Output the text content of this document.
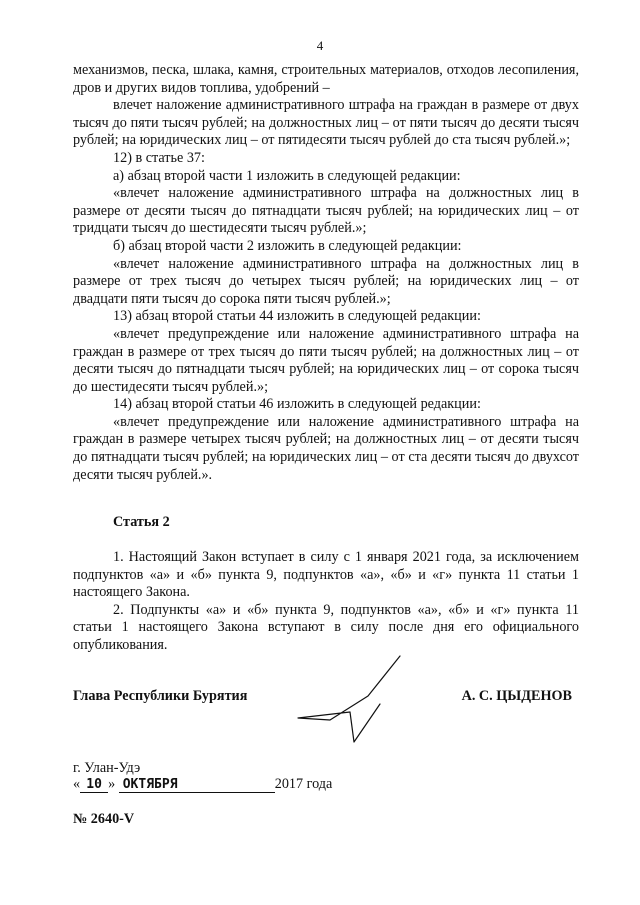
4

механизмов, песка, шлака, камня, строительных материалов, отходов лесопиления, дров и других видов топлива, удобрений –

влечет наложение административного штрафа на граждан в размере от двух тысяч до пяти тысяч рублей; на должностных лиц – от пяти тысяч до десяти тысяч рублей; на юридических лиц – от пятидесяти тысяч рублей до ста тысяч рублей.»;

12) в статье 37:

а) абзац второй части 1 изложить в следующей редакции:

«влечет наложение административного штрафа на должностных лиц в размере от десяти тысяч до пятнадцати тысяч рублей; на юридических лиц – от тридцати тысяч до шестидесяти тысяч рублей.»;

б) абзац второй части 2 изложить в следующей редакции:

«влечет наложение административного штрафа на должностных лиц в размере от трех тысяч до четырех тысяч рублей; на юридических лиц – от двадцати пяти тысяч до сорока пяти тысяч рублей.»;

13) абзац второй статьи 44 изложить в следующей редакции:

«влечет предупреждение или наложение административного штрафа на граждан в размере от трех тысяч до пяти тысяч рублей; на должностных лиц – от десяти тысяч до пятнадцати тысяч рублей; на юридических лиц – от сорока тысяч до шестидесяти тысяч рублей.»;

14) абзац второй статьи 46 изложить в следующей редакции:

«влечет предупреждение или наложение административного штрафа на граждан в размере четырех тысяч рублей; на должностных лиц – от десяти тысяч до пятнадцати тысяч рублей; на юридических лиц – от ста десяти тысяч до двухсот десяти тысяч рублей.».

Статья 2

1. Настоящий Закон вступает в силу с 1 января 2021 года, за исключением подпунктов «а» и «б» пункта 9, подпунктов «а», «б» и «г» пункта 11 статьи 1 настоящего Закона.

2. Подпункты «а» и «б» пункта 9, подпунктов «а», «б» и «г» пункта 11 статьи 1 настоящего Закона вступают в силу после дня его официального опубликования.

Глава Республики Бурятия	А. С. ЦЫДЕНОВ
г. Улан-Удэ
« 10 » ОКТЯБРЯ	2017 года
№ 2640-V
